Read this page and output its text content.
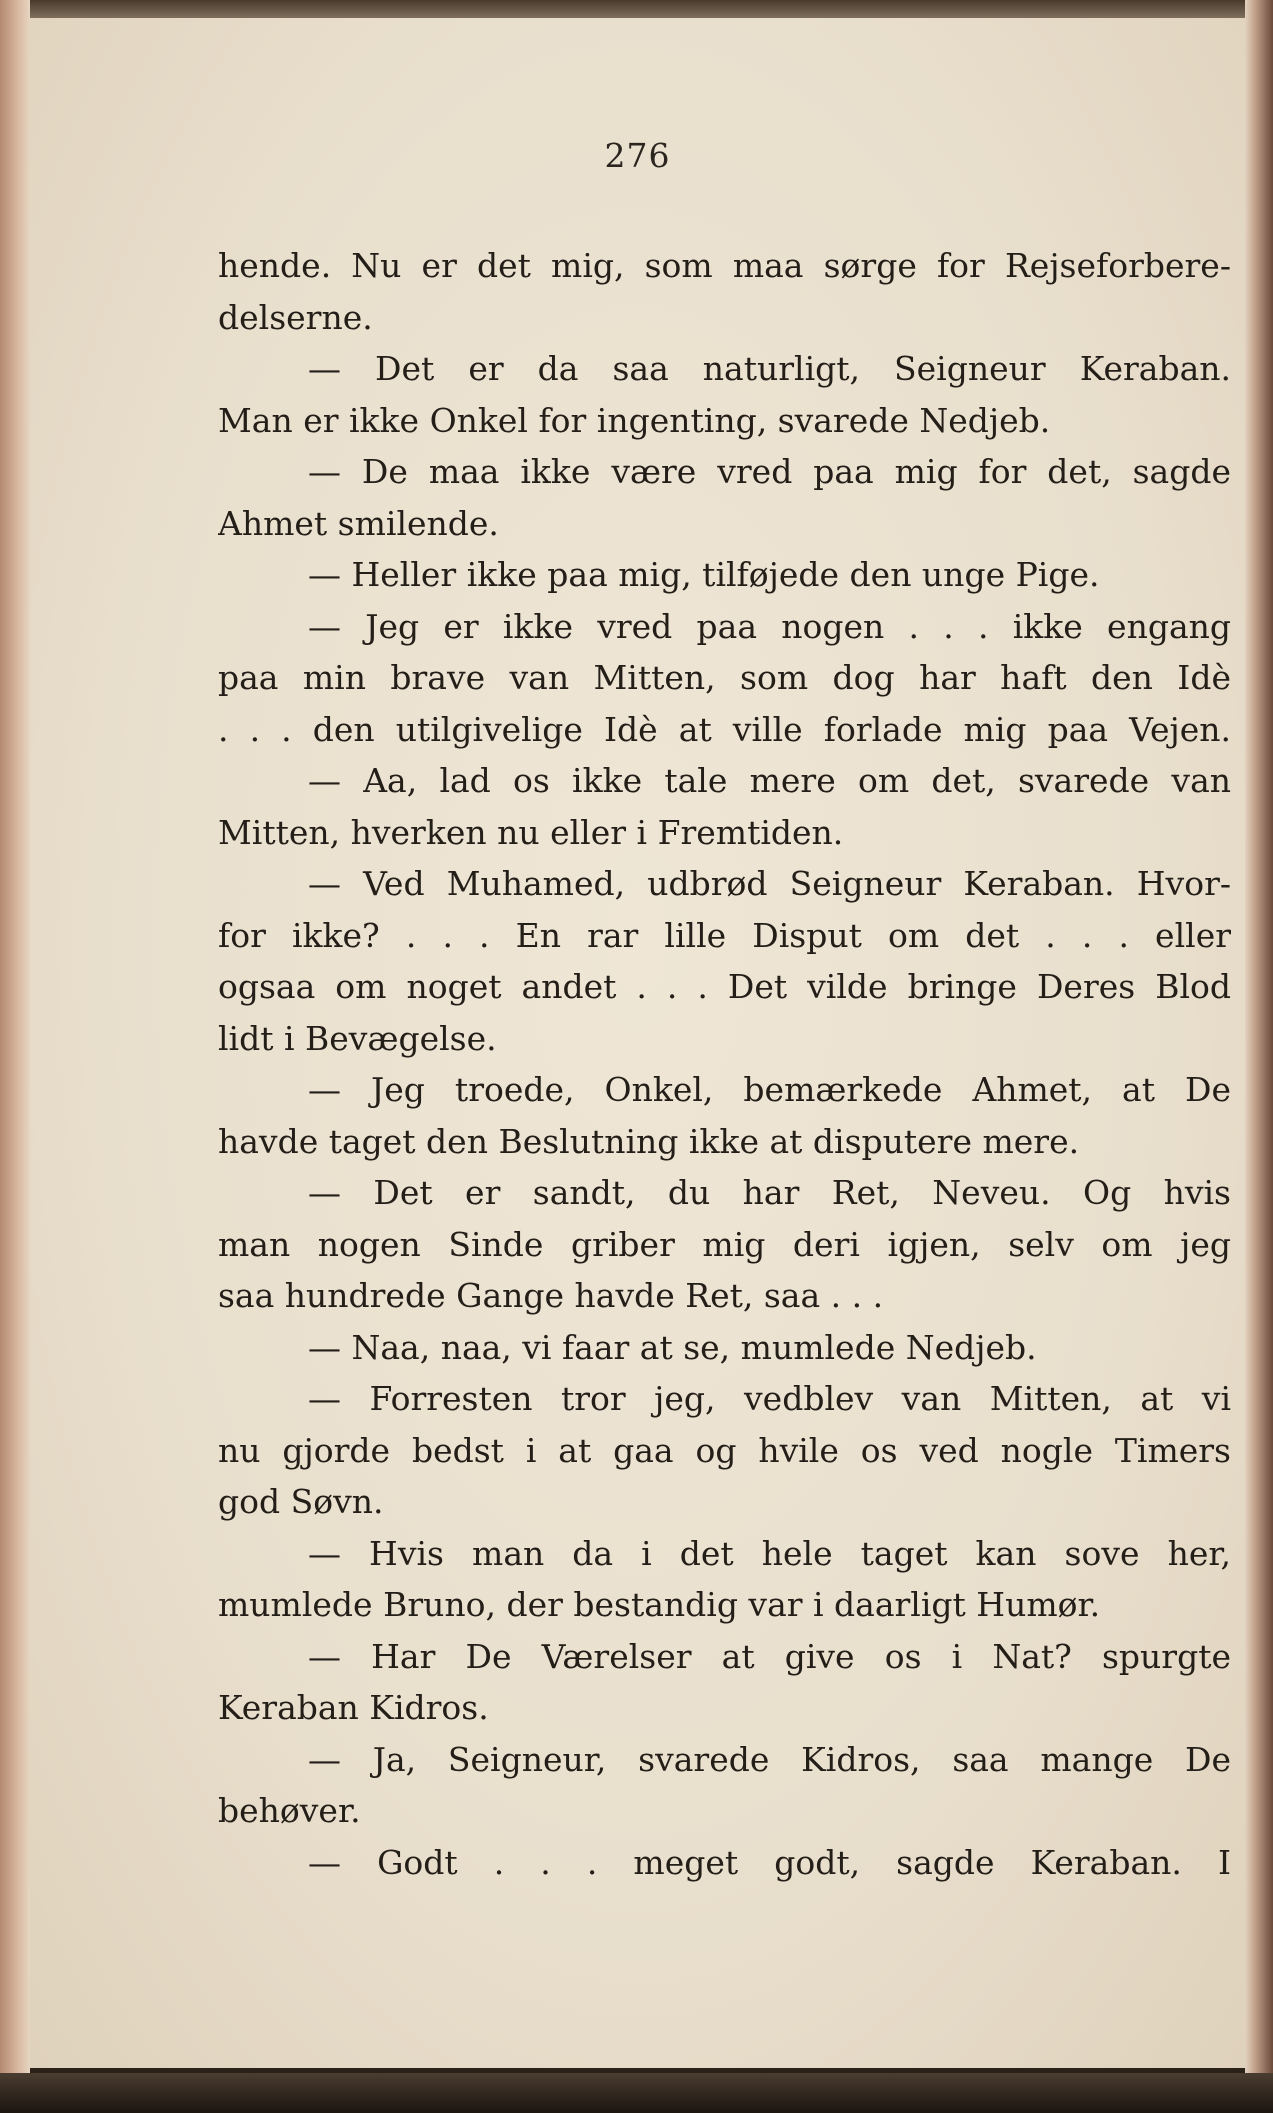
276
hende. Nu er det mig, som maa sørge for Rejseforbere-
delserne.
— Det er da saa naturligt, Seigneur Keraban.
Man er ikke Onkel for ingenting, svarede Nedjeb.
— De maa ikke være vred paa mig for det, sagde
Ahmet smilende.
— Heller ikke paa mig, tilføjede den unge Pige.
— Jeg er ikke vred paa nogen . . . ikke engang
paa min brave van Mitten, som dog har haft den Idè
. . . den utilgivelige Idè at ville forlade mig paa Vejen.
— Aa, lad os ikke tale mere om det, svarede van
Mitten, hverken nu eller i Fremtiden.
— Ved Muhamed, udbrød Seigneur Keraban. Hvor-
for ikke? . . . En rar lille Disput om det . . . eller
ogsaa om noget andet . . . Det vilde bringe Deres Blod
lidt i Bevægelse.
— Jeg troede, Onkel, bemærkede Ahmet, at De
havde taget den Beslutning ikke at disputere mere.
— Det er sandt, du har Ret, Neveu. Og hvis
man nogen Sinde griber mig deri igjen, selv om jeg
saa hundrede Gange havde Ret, saa . . .
— Naa, naa, vi faar at se, mumlede Nedjeb.
— Forresten tror jeg, vedblev van Mitten, at vi
nu gjorde bedst i at gaa og hvile os ved nogle Timers
god Søvn.
— Hvis man da i det hele taget kan sove her,
mumlede Bruno, der bestandig var i daarligt Humør.
— Har De Værelser at give os i Nat? spurgte
Keraban Kidros.
— Ja, Seigneur, svarede Kidros, saa mange De
behøver.
— Godt . . . meget godt, sagde Keraban. I
